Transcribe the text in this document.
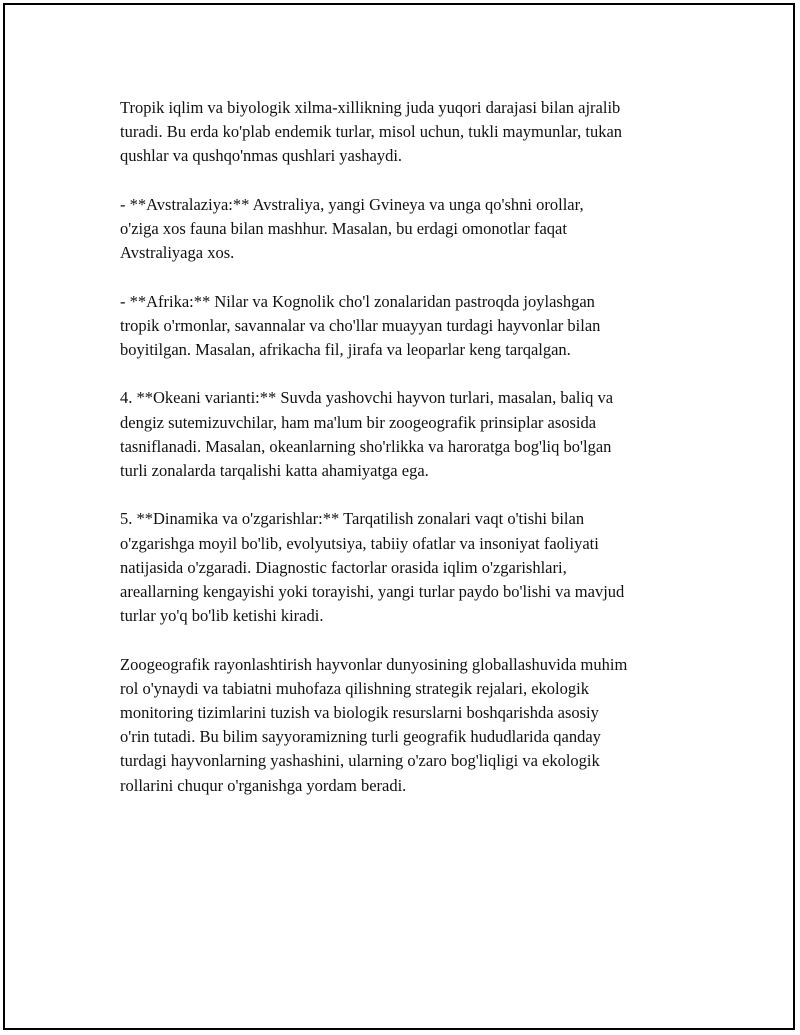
Tropik iqlim va biyologik xilma-xillikning juda yuqori darajasi bilan ajralib
turadi. Bu erda ko'plab endemik turlar, misol uchun, tukli maymunlar, tukan
qushlar va qushqo'nmas qushlari yashaydi.

- **Avstralaziya:** Avstraliya, yangi Gvineya va unga qo'shni orollar,
o'ziga xos fauna bilan mashhur. Masalan, bu erdagi omonotlar faqat
Avstraliyaga xos.

- **Afrika:** Nilar va Kognolik cho'l zonalaridan pastroqda joylashgan
tropik o'rmonlar, savannalar va cho'llar muayyan turdagi hayvonlar bilan
boyitilgan. Masalan, afrikacha fil, jirafa va leoparlar keng tarqalgan.

4. **Okeani varianti:** Suvda yashovchi hayvon turlari, masalan, baliq va
dengiz sutemizuvchilar, ham ma'lum bir zoogeografik prinsiplar asosida
tasniflanadi. Masalan, okeanlarning sho'rlikka va haroratga bog'liq bo'lgan
turli zonalarda tarqalishi katta ahamiyatga ega.

5. **Dinamika va o'zgarishlar:** Tarqatilish zonalari vaqt o'tishi bilan
o'zgarishga moyil bo'lib, evolyutsiya, tabiiy ofatlar va insoniyat faoliyati
natijasida o'zgaradi. Diagnostic factorlar orasida iqlim o'zgarishlari,
areallarning kengayishi yoki torayishi, yangi turlar paydo bo'lishi va mavjud
turlar yo'q bo'lib ketishi kiradi.

Zoogeografik rayonlashtirish hayvonlar dunyosining globallashuvida muhim
rol o'ynaydi va tabiatni muhofaza qilishning strategik rejalari, ekologik
monitoring tizimlarini tuzish va biologik resurslarni boshqarishda asosiy
o'rin tutadi. Bu bilim sayyoramizning turli geografik hududlarida qanday
turdagi hayvonlarning yashashini, ularning o'zaro bog'liqligi va ekologik
rollarini chuqur o'rganishga yordam beradi.
